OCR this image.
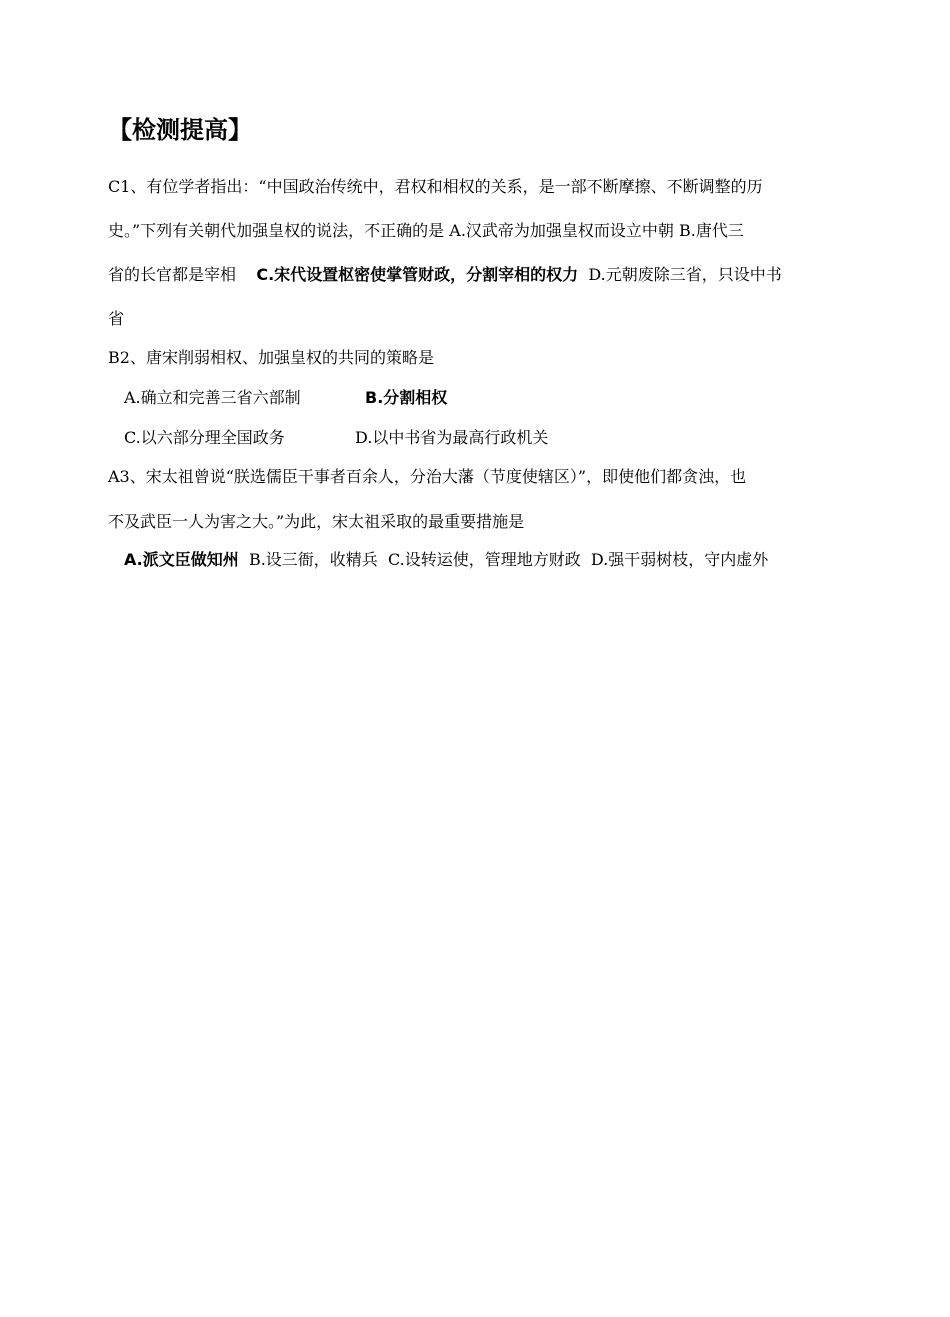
【检测提高】
C1、有位学者指出：“中国政治传统中，君权和相权的关系，是一部不断摩擦、不断调整的历
史。”下列有关朝代加强皇权的说法，不正确的是 A.汉武帝为加强皇权而设立中朝 B.唐代三
省的长官都是宰相    C.宋代设置枢密使掌管财政，分割宰相的权力  D.元朝废除三省，只设中书
省
B2、唐宋削弱相权、加强皇权的共同的策略是
A.确立和完善三省六部制	B.分割相权
C.以六部分理全国政务	D.以中书省为最高行政机关
A3、宋太祖曾说“朕选儒臣干事者百余人，分治大藩（节度使辖区）”，即使他们都贪浊，也
不及武臣一人为害之大。”为此，宋太祖采取的最重要措施是
A.派文臣做知州  B.设三衙，收精兵  C.设转运使，管理地方财政  D.强干弱树枝，守内虚外
